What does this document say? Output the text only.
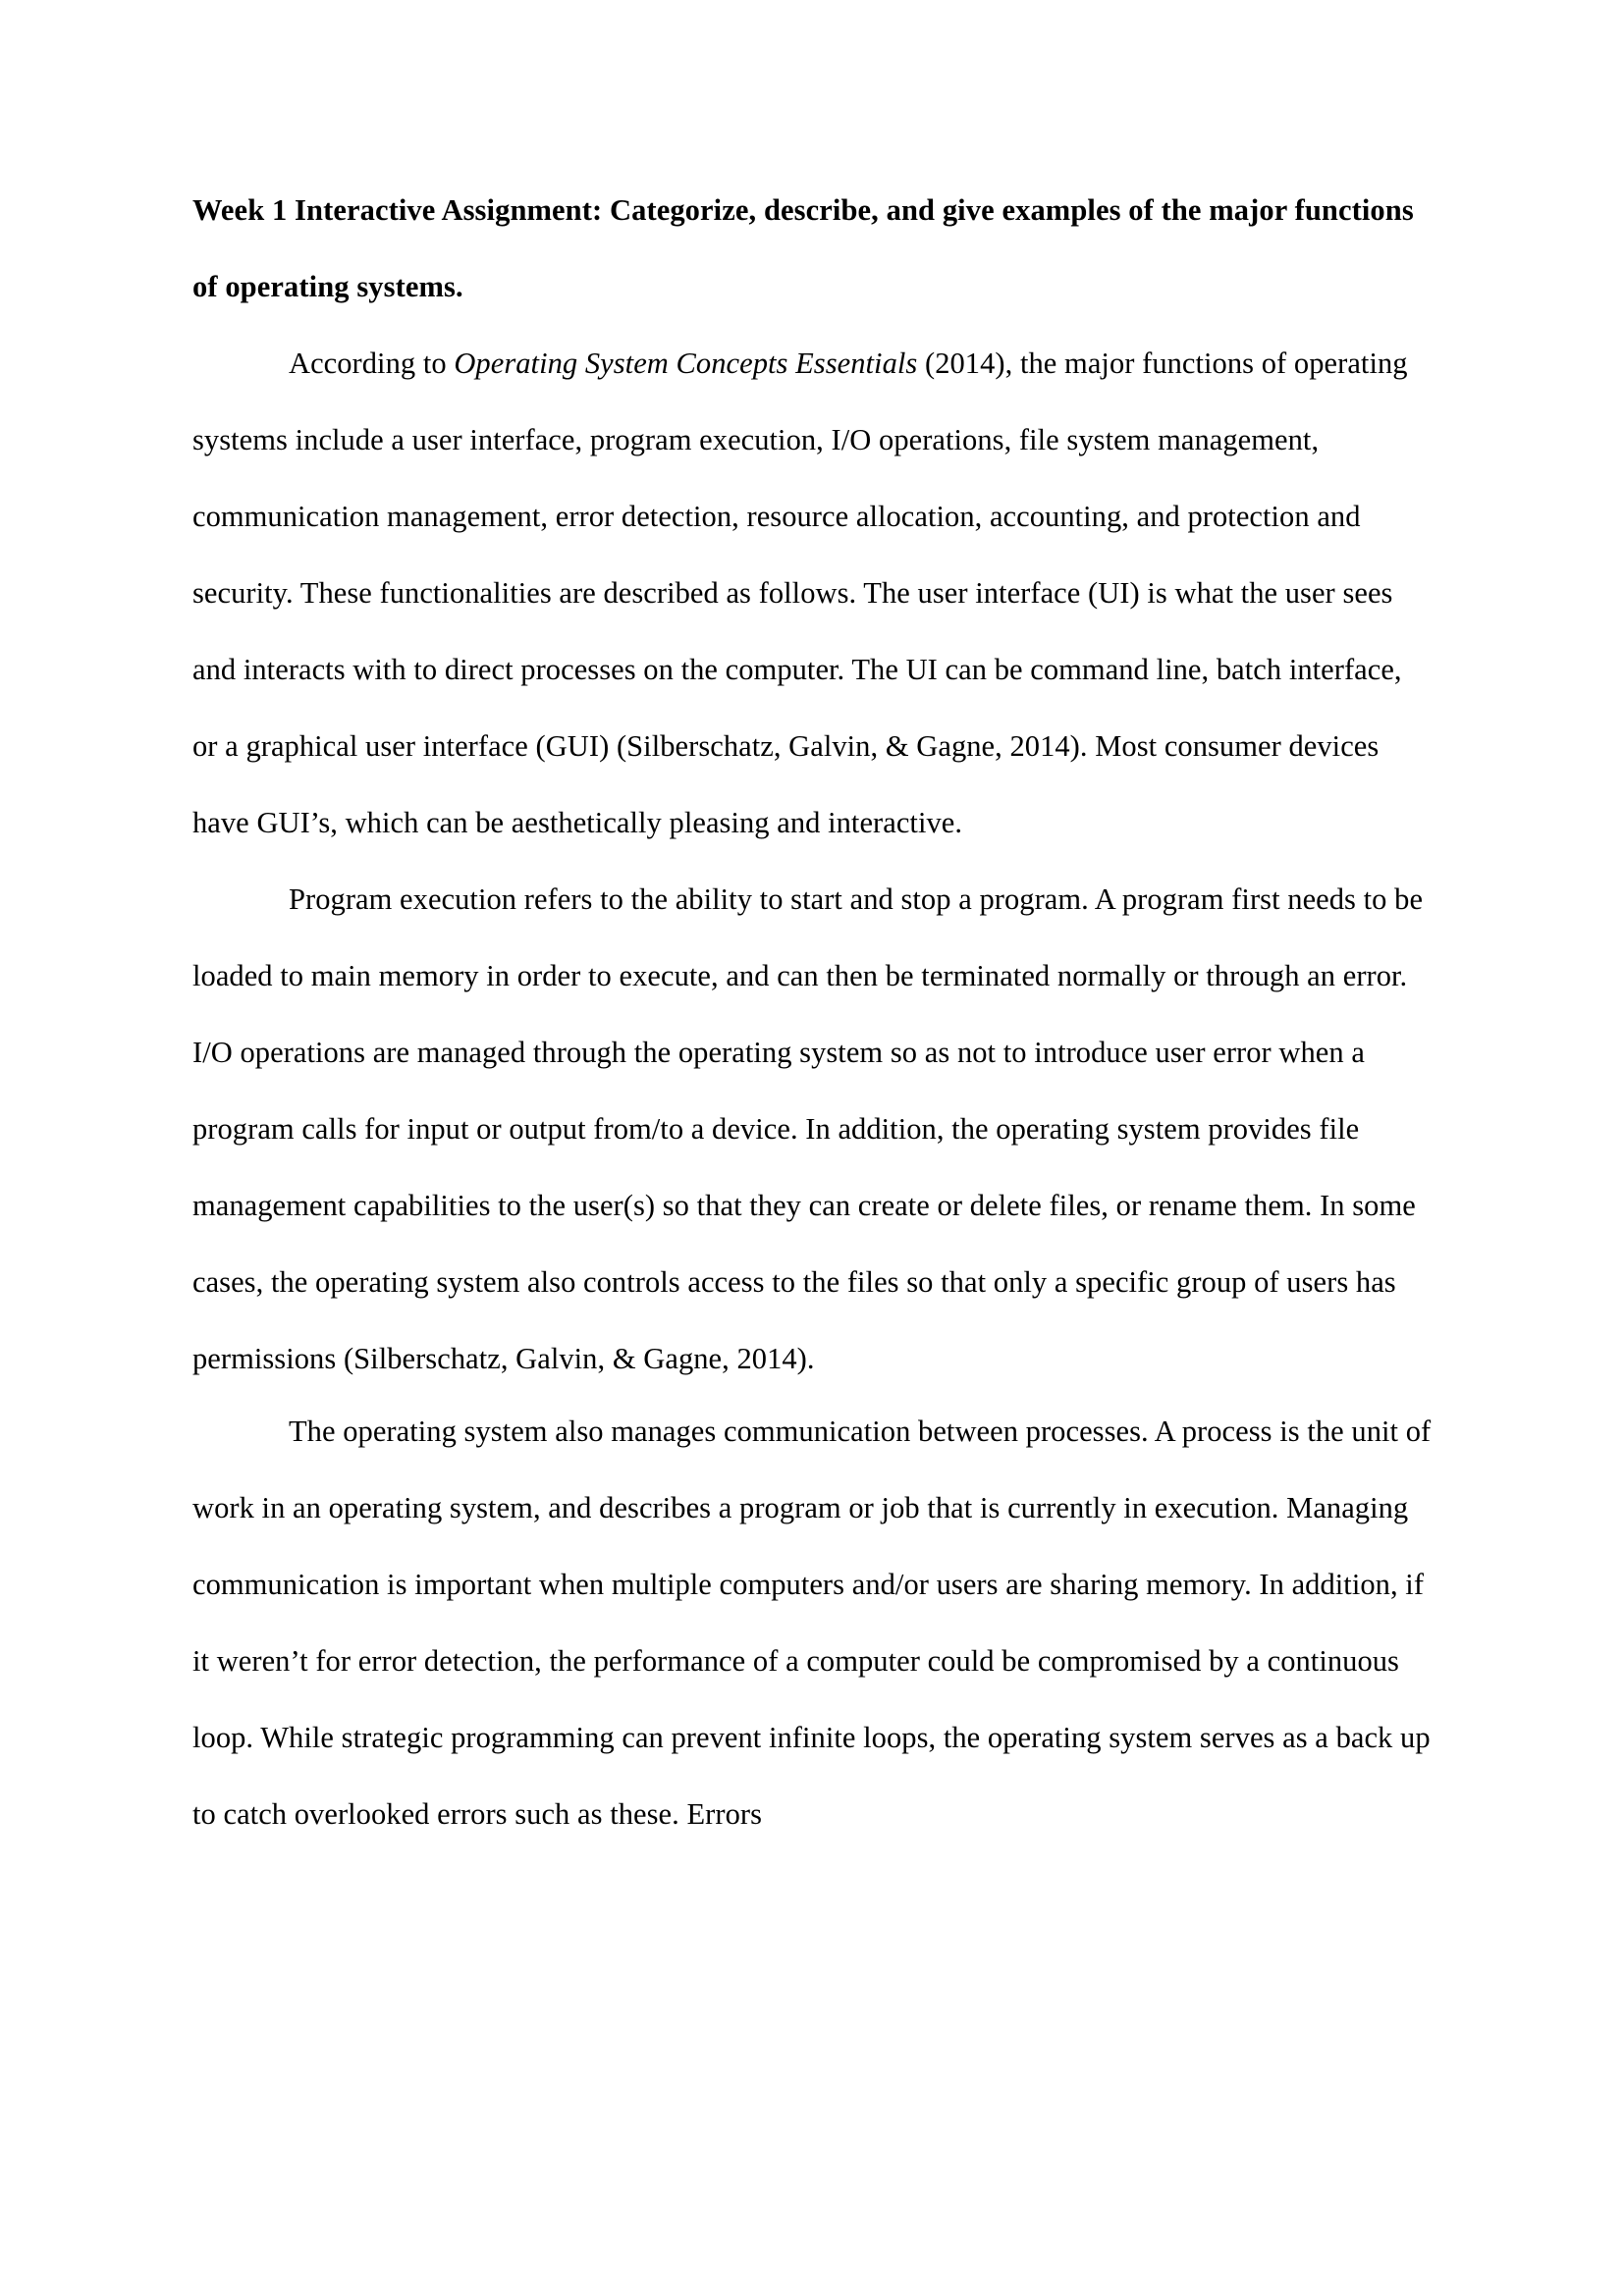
Week 1 Interactive Assignment: Categorize, describe, and give examples of the major functions of operating systems.

According to Operating System Concepts Essentials (2014), the major functions of operating systems include a user interface, program execution, I/O operations, file system management, communication management, error detection, resource allocation, accounting, and protection and security. These functionalities are described as follows. The user interface (UI) is what the user sees and interacts with to direct processes on the computer. The UI can be command line, batch interface, or a graphical user interface (GUI) (Silberschatz, Galvin, & Gagne, 2014). Most consumer devices have GUI’s, which can be aesthetically pleasing and interactive.

Program execution refers to the ability to start and stop a program. A program first needs to be loaded to main memory in order to execute, and can then be terminated normally or through an error. I/O operations are managed through the operating system so as not to introduce user error when a program calls for input or output from/to a device. In addition, the operating system provides file management capabilities to the user(s) so that they can create or delete files, or rename them. In some cases, the operating system also controls access to the files so that only a specific group of users has permissions (Silberschatz, Galvin, & Gagne, 2014).

The operating system also manages communication between processes. A process is the unit of work in an operating system, and describes a program or job that is currently in execution. Managing communication is important when multiple computers and/or users are sharing memory. In addition, if it weren’t for error detection, the performance of a computer could be compromised by a continuous loop. While strategic programming can prevent infinite loops, the operating system serves as a back up to catch overlooked errors such as these. Errors
